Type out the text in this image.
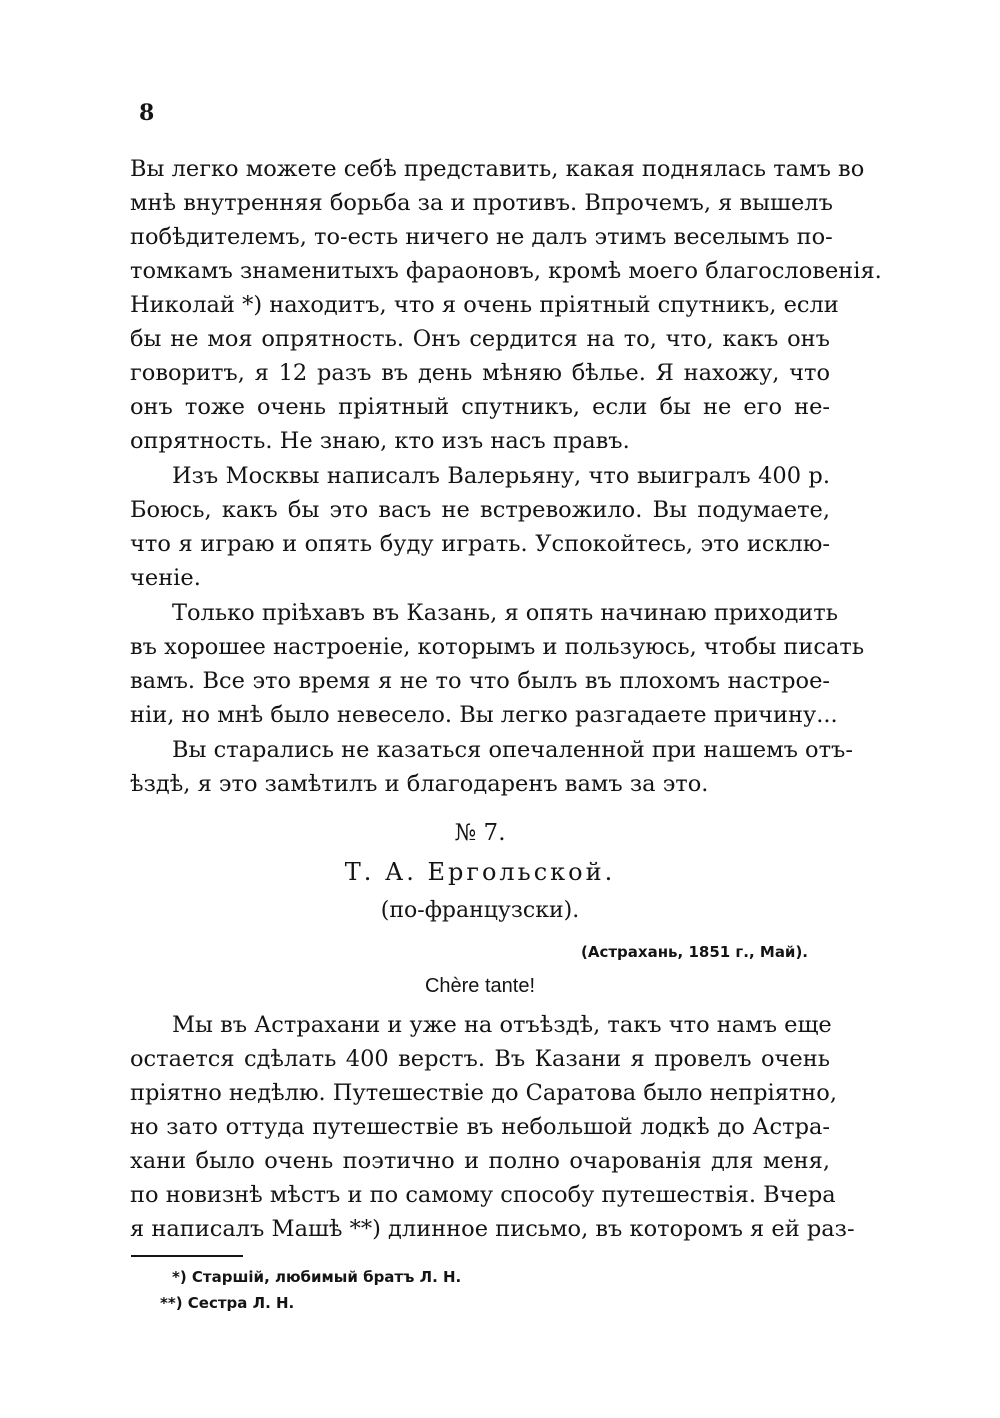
8
Вы легко можете себѣ представить, какая поднялась тамъ во
мнѣ внутренняя борьба за и противъ. Впрочемъ, я вышелъ
побѣдителемъ, то-есть ничего не далъ этимъ веселымъ по-
томкамъ знаменитыхъ фараоновъ, кромѣ моего благословенія.
Николай *) находитъ, что я очень пріятный спутникъ, если
бы не моя опрятность. Онъ сердится на то, что, какъ онъ
говоритъ, я 12 разъ въ день мѣняю бѣлье. Я нахожу, что
онъ тоже очень пріятный спутникъ, если бы не его не-
опрятность. Не знаю, кто изъ насъ правъ.
Изъ Москвы написалъ Валерьяну, что выигралъ 400 р.
Боюсь, какъ бы это васъ не встревожило. Вы подумаете,
что я играю и опять буду играть. Успокойтесь, это исклю-
ченіе.
Только пріѣхавъ въ Казань, я опять начинаю приходить
въ хорошее настроеніе, которымъ и пользуюсь, чтобы писать
вамъ. Все это время я не то что былъ въ плохомъ настрое-
ніи, но мнѣ было невесело. Вы легко разгадаете причину...
Вы старались не казаться опечаленной при нашемъ отъ-
ѣздѣ, я это замѣтилъ и благодаренъ вамъ за это.
№ 7.
Т. А. Ергольской.
(по-французски).
(Астрахань, 1851 г., Май).
Chère tante!
Мы въ Астрахани и уже на отъѣздѣ, такъ что намъ еще
остается сдѣлать 400 верстъ. Въ Казани я провелъ очень
пріятно недѣлю. Путешествіе до Саратова было непріятно,
но зато оттуда путешествіе въ небольшой лодкѣ до Астра-
хани было очень поэтично и полно очарованія для меня,
по новизнѣ мѣстъ и по самому способу путешествія. Вчера
я написалъ Машѣ **) длинное письмо, въ которомъ я ей раз-
*) Старшій, любимый братъ Л. Н.
**) Сестра Л. Н.
